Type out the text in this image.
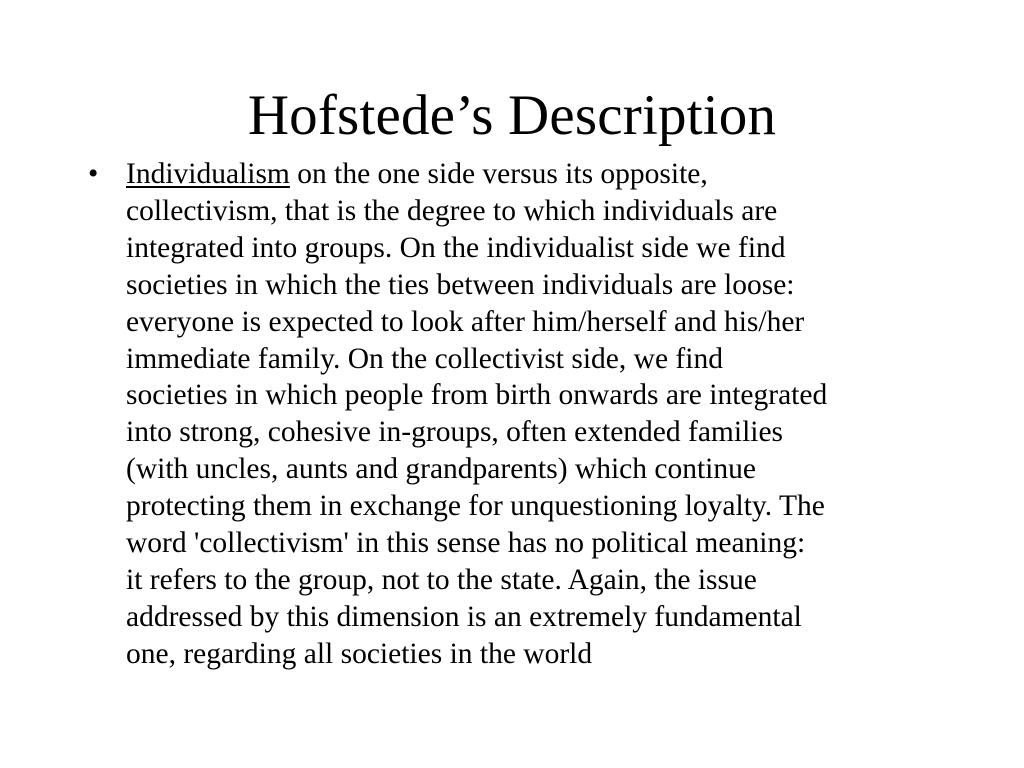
Hofstede’s Description
• Individualism on the one side versus its opposite,
collectivism, that is the degree to which individuals are
integrated into groups. On the individualist side we find
societies in which the ties between individuals are loose:
everyone is expected to look after him/herself and his/her
immediate family. On the collectivist side, we find
societies in which people from birth onwards are integrated
into strong, cohesive in-groups, often extended families
(with uncles, aunts and grandparents) which continue
protecting them in exchange for unquestioning loyalty. The
word 'collectivism' in this sense has no political meaning:
it refers to the group, not to the state. Again, the issue
addressed by this dimension is an extremely fundamental
one, regarding all societies in the world
